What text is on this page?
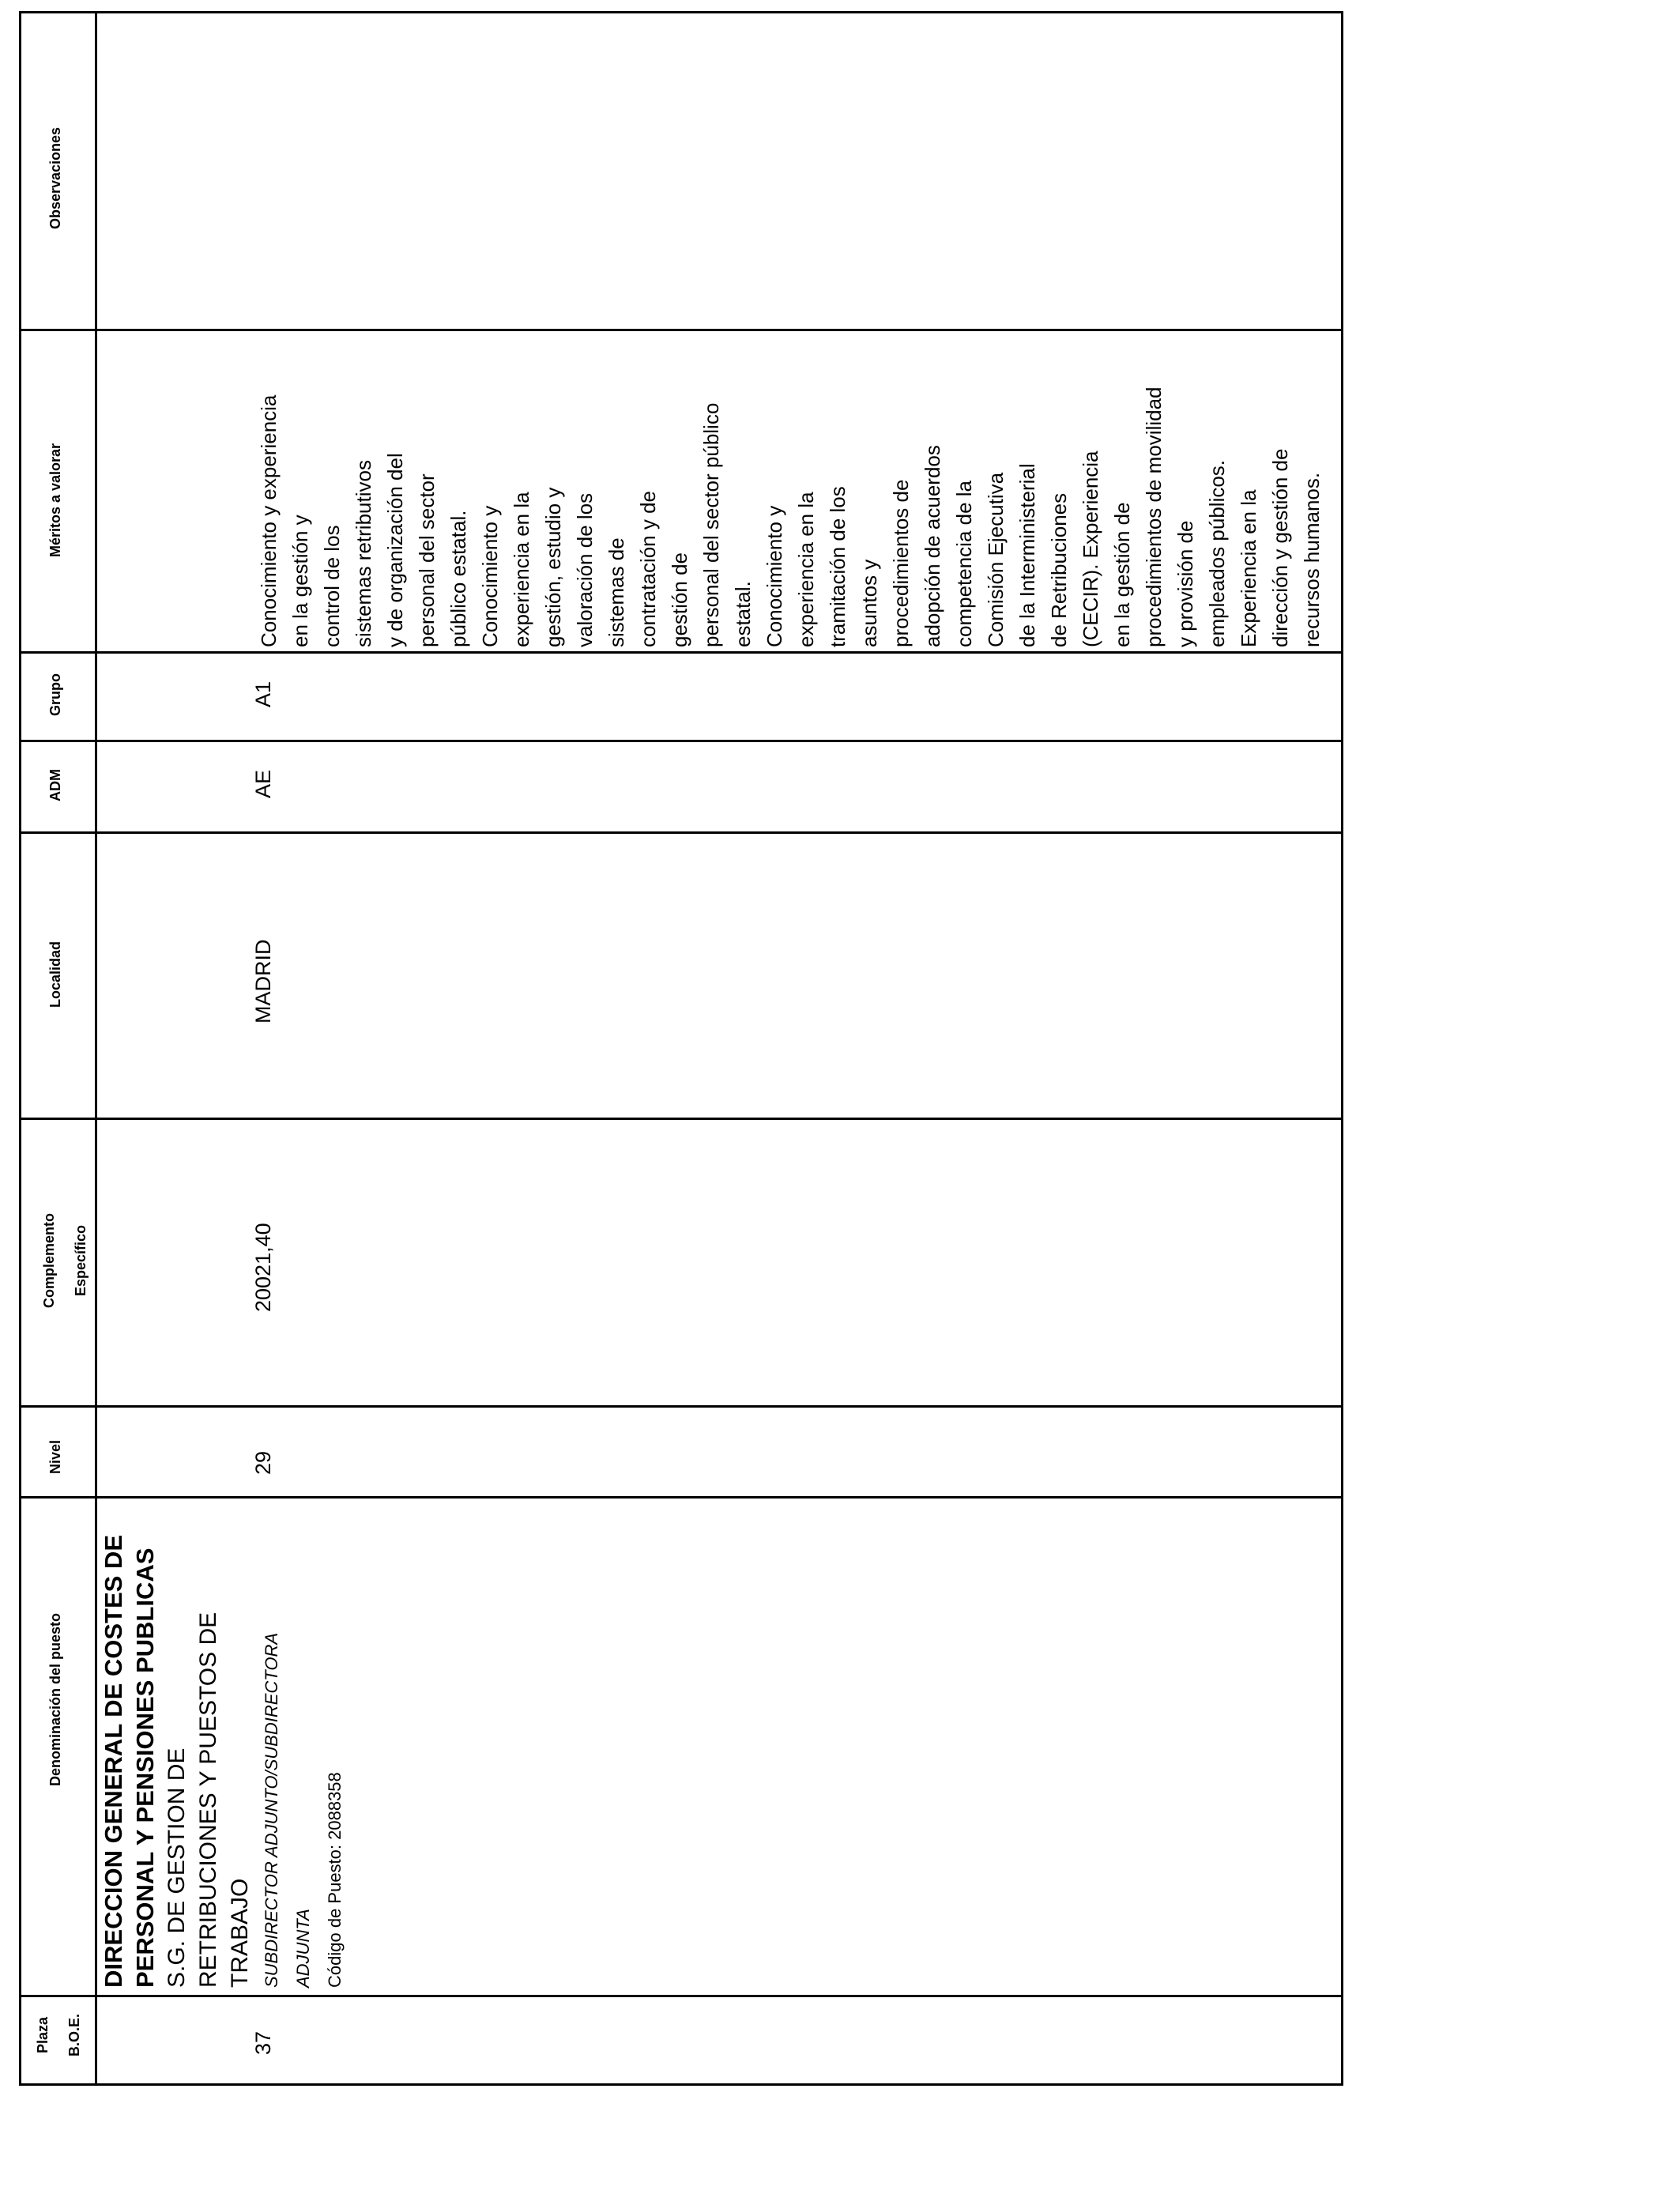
Plaza	B.O.E.
Denominación del puesto
Nivel
Complemento	Específico
Localidad
ADM
Grupo
Méritos a valorar
Observaciones
37
DIRECCION GENERAL DE COSTES DE PERSONAL Y PENSIONES PUBLICAS S.G. DE GESTION DE RETRIBUCIONES Y PUESTOS DE TRABAJO SUBDIRECTOR ADJUNTO/SUBDIRECTORA ADJUNTA Código de Puesto: 2088358
29
20021,40
MADRID
AE
A1
Conocimiento y experiencia en la gestión y control de los sistemas retributivos y de organización del personal del sector público estatal. Conocimiento y experiencia en la gestión, estudio y valoración de los sistemas de contratación y de gestión de personal del sector público estatal. Conocimiento y experiencia en la tramitación de los asuntos y procedimientos de adopción de acuerdos competencia de la Comisión Ejecutiva de la Interministerial de Retribuciones (CECIR). Experiencia en la gestión de procedimientos de movilidad y provisión de empleados públicos. Experiencia en la dirección y gestión de recursos humanos.
